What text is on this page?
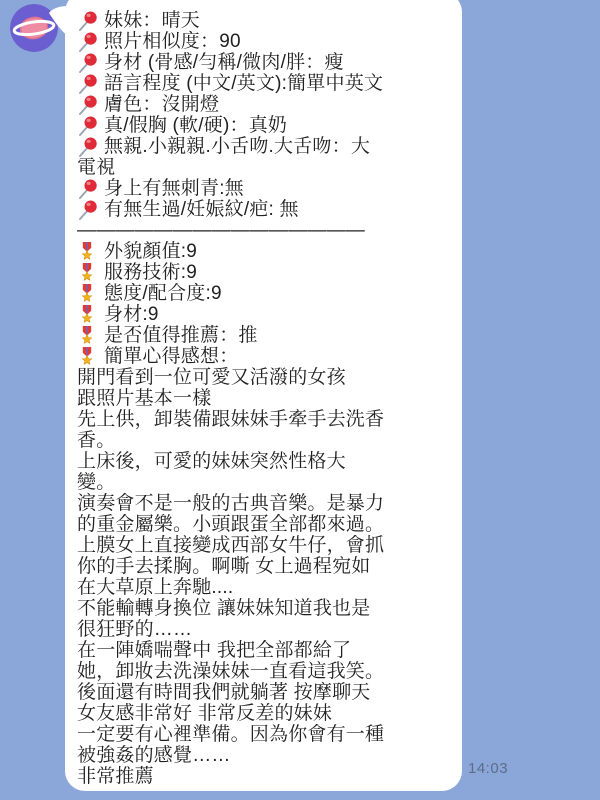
妹妹：晴天
照片相似度：90
身材 (骨感/勻稱/微肉/胖：瘦
語言程度 (中文/英文):簡單中英文
膚色：沒開燈
真/假胸 (軟/硬)：真奶
無親.小親親.小舌吻.大舌吻：大
電視
身上有無刺青:無
有無生過/妊娠紋/疤: 無
———————————————
外貌顏值:9
服務技術:9
態度/配合度:9
身材:9
是否值得推薦：推
簡單心得感想：
開門看到一位可愛又活潑的女孩
跟照片基本一樣
先上供，卸裝備跟妹妹手牽手去洗香
香。
上床後，可愛的妹妹突然性格大
變。
演奏會不是一般的古典音樂。是暴力
的重金屬樂。小頭跟蛋全部都來過。
上膜女上直接變成西部女牛仔，會抓
你的手去揉胸。啊嘶 女上過程宛如
在大草原上奔馳....
不能輸轉身換位 讓妹妹知道我也是
很狂野的……
在一陣嬌喘聲中 我把全部都給了
她，卸妝去洗澡妹妹一直看這我笑。
後面還有時間我們就躺著 按摩聊天
女友感非常好 非常反差的妹妹
一定要有心裡準備。因為你會有一種
被強姦的感覺……
非常推薦	14:03
